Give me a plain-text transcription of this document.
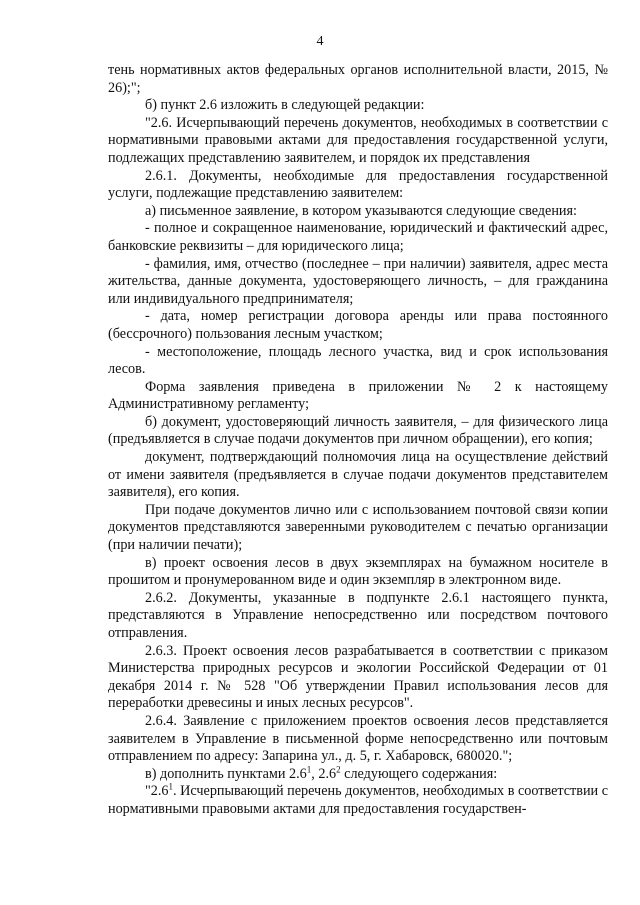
4

тень нормативных актов федеральных органов исполнительной власти, 2015, № 26);";

б) пункт 2.6 изложить в следующей редакции:

"2.6. Исчерпывающий перечень документов, необходимых в соответствии с нормативными правовыми актами для предоставления государственной услуги, подлежащих представлению заявителем, и порядок их представления

2.6.1. Документы, необходимые для предоставления государственной услуги, подлежащие представлению заявителем:

а) письменное заявление, в котором указываются следующие сведения:

- полное и сокращенное наименование, юридический и фактический адрес, банковские реквизиты – для юридического лица;

- фамилия, имя, отчество (последнее – при наличии) заявителя, адрес места жительства, данные документа, удостоверяющего личность, – для гражданина или индивидуального предпринимателя;

- дата, номер регистрации договора аренды или права постоянного (бессрочного) пользования лесным участком;

- местоположение, площадь лесного участка, вид и срок использования лесов.

Форма заявления приведена в приложении № 2 к настоящему Административному регламенту;

б) документ, удостоверяющий личность заявителя, – для физического лица (предъявляется в случае подачи документов при личном обращении), его копия;

документ, подтверждающий полномочия лица на осуществление действий от имени заявителя (предъявляется в случае подачи документов представителем заявителя), его копия.

При подаче документов лично или с использованием почтовой связи копии документов представляются заверенными руководителем с печатью организации (при наличии печати);

в) проект освоения лесов в двух экземплярах на бумажном носителе в прошитом и пронумерованном виде и один экземпляр в электронном виде.

2.6.2. Документы, указанные в подпункте 2.6.1 настоящего пункта, представляются в Управление непосредственно или посредством почтового отправления.

2.6.3. Проект освоения лесов разрабатывается в соответствии с приказом Министерства природных ресурсов и экологии Российской Федерации от 01 декабря 2014 г. № 528 "Об утверждении Правил использования лесов для переработки древесины и иных лесных ресурсов".

2.6.4. Заявление с приложением проектов освоения лесов представляется заявителем в Управление в письменной форме непосредственно или почтовым отправлением по адресу: Запарина ул., д. 5, г. Хабаровск, 680020.";

в) дополнить пунктами $2.6^1$, $2.6^2$ следующего содержания:

"$2.6^1$. Исчерпывающий перечень документов, необходимых в соответствии с нормативными правовыми актами для предоставления государствен-
